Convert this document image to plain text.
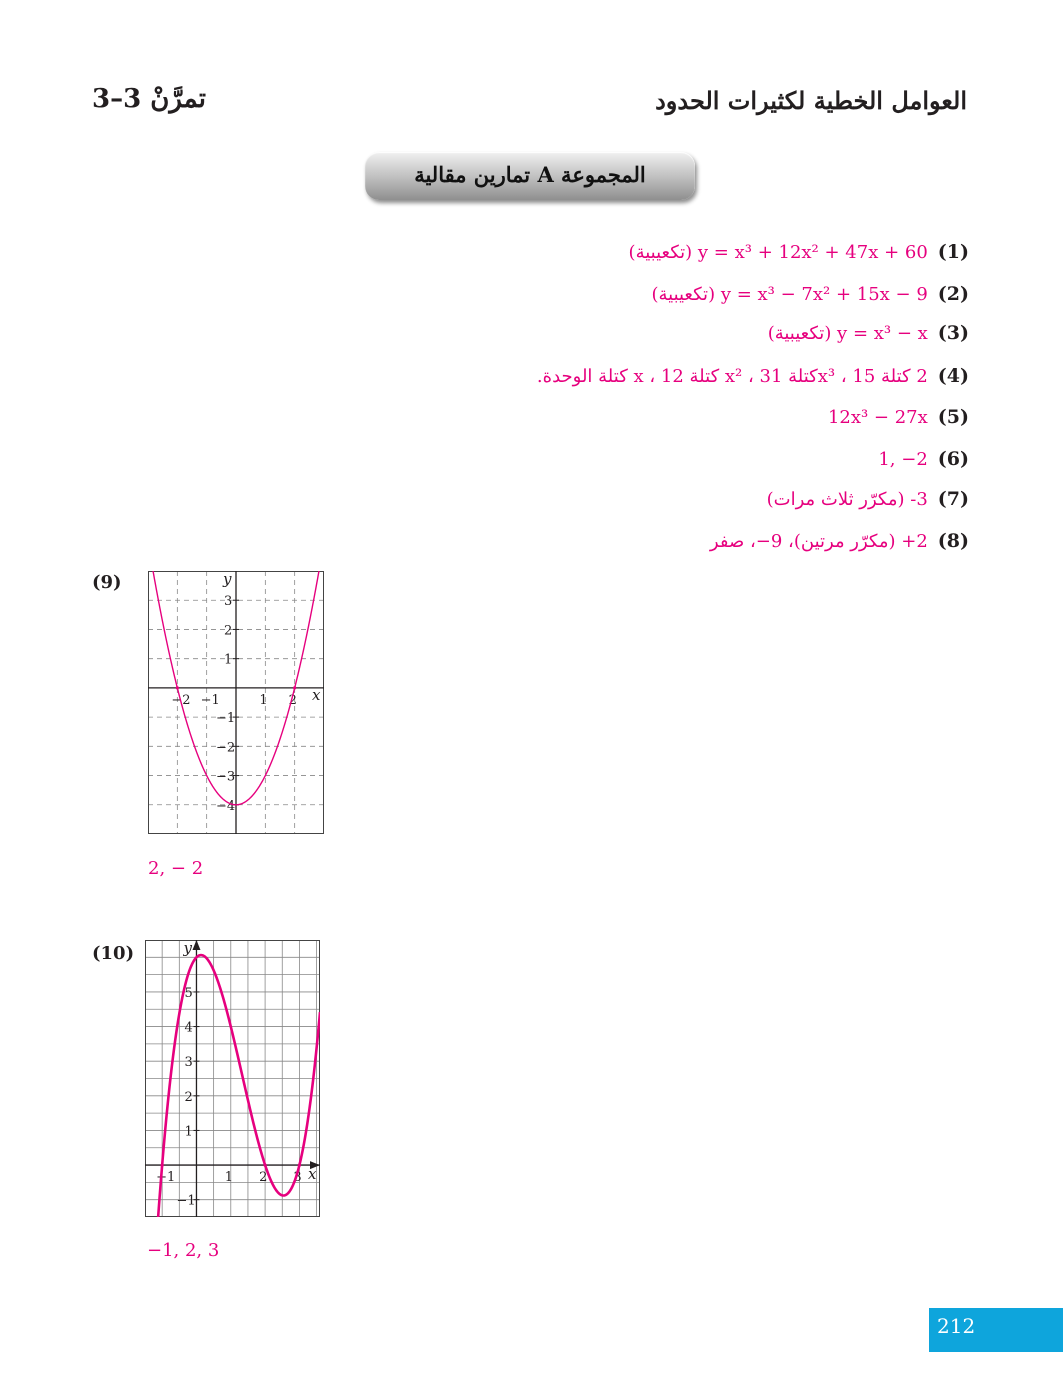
العوامل الخطية لكثيرات الحدود
تمرَّنْ 3–3
المجموعة A تمارين مقالية
(1)
(تكعيبية) y = x³ + 12x² + 47x + 60
(2)
(تكعيبية) y = x³ − 7x² + 15x − 9
(3)
(تكعيبية) y = x³ − x
(4)
2 كتلة x³ ، 15كتلة x² ، 31 كتلة x ، 12 كتلة الوحدة.
(5)
12x³ − 27x
(6)
1, −2
(7)
3- (مكرّر ثلاث مرات)
(8)
2+ (مكرّر مرتين)، 9−، صفر
(9)
x
y
−2 −1	1 2
3
2
1
−1
−2
−3
−4
2, − 2
(10)
x
y
−1	1 2 3
5
4
3
2
1
−1
−1, 2, 3
212
